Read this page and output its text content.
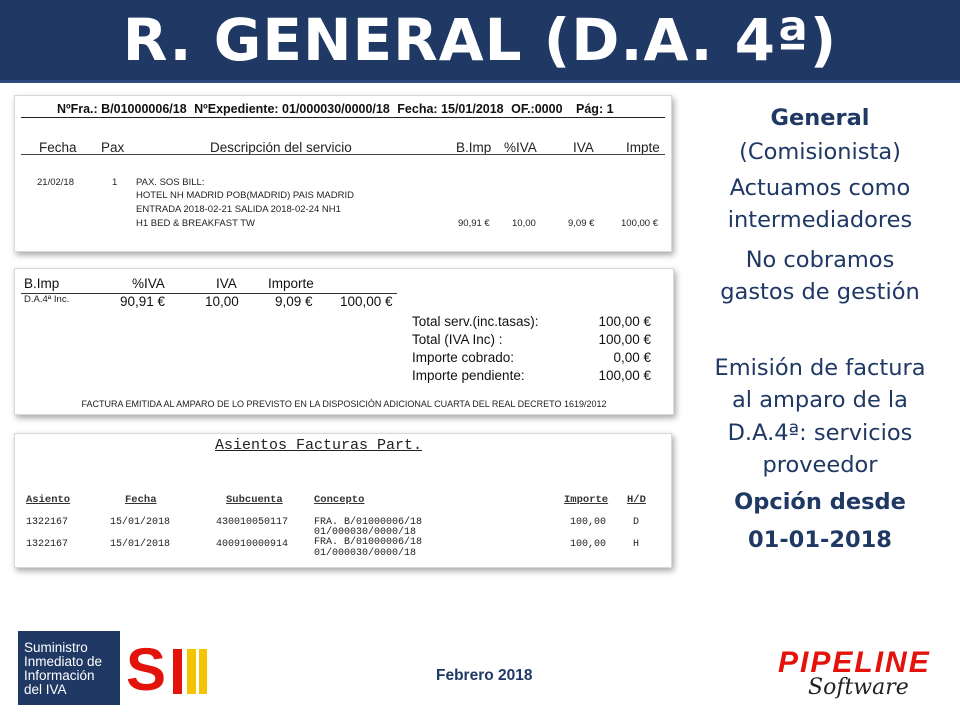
R. GENERAL (D.A. 4ª)
NºFra.: B/01000006/18 NºExpediente: 01/000030/0000/18 Fecha: 15/01/2018 OF.:0000 Pág: 1
Fecha Pax	Descripción del servicio	B.Imp %IVA	IVA Impte
21/02/18	1 PAX. SOS BILL:
HOTEL NH MADRID POB(MADRID) PAIS MADRID
ENTRADA 2018-02-21 SALIDA 2018-02-24 NH1
H1 BED & BREAKFAST TW	90,91 € 10,00	9,09 €	100,00 €
B.Imp	%IVA	IVA Importe
D.A.4ª Inc.	90,91 €	10,00	9,09 € 100,00 €
Total serv.(inc.tasas):	100,00 €
Total (IVA Inc) :	100,00 €
Importe cobrado:	0,00 €
Importe pendiente:	100,00 €
FACTURA EMITIDA AL AMPARO DE LO PREVISTO EN LA DISPOSICIÓN ADICIONAL CUARTA DEL REAL DECRETO 1619/2012
Asientos Facturas Part.
Asiento	Fecha	Subcuenta	Concepto	Importe H/D
1322167	15/01/2018	430010050117	FRA. B/01000006/18
01/000030/0000/18
100,00	D
1322167	15/01/2018	400910000914	FRA. B/01000006/18
01/000030/0000/18
100,00	H
General
(Comisionista)
Actuamos como
intermediadores
No cobramos
gastos de gestión
Emisión de factura
al amparo de la
D.A.4ª: servicios
proveedor
Opción desde
01-01-2018
Suministro
Inmediato de
Información
del IVA S	Febrero 2018	PIPELINE
Software
